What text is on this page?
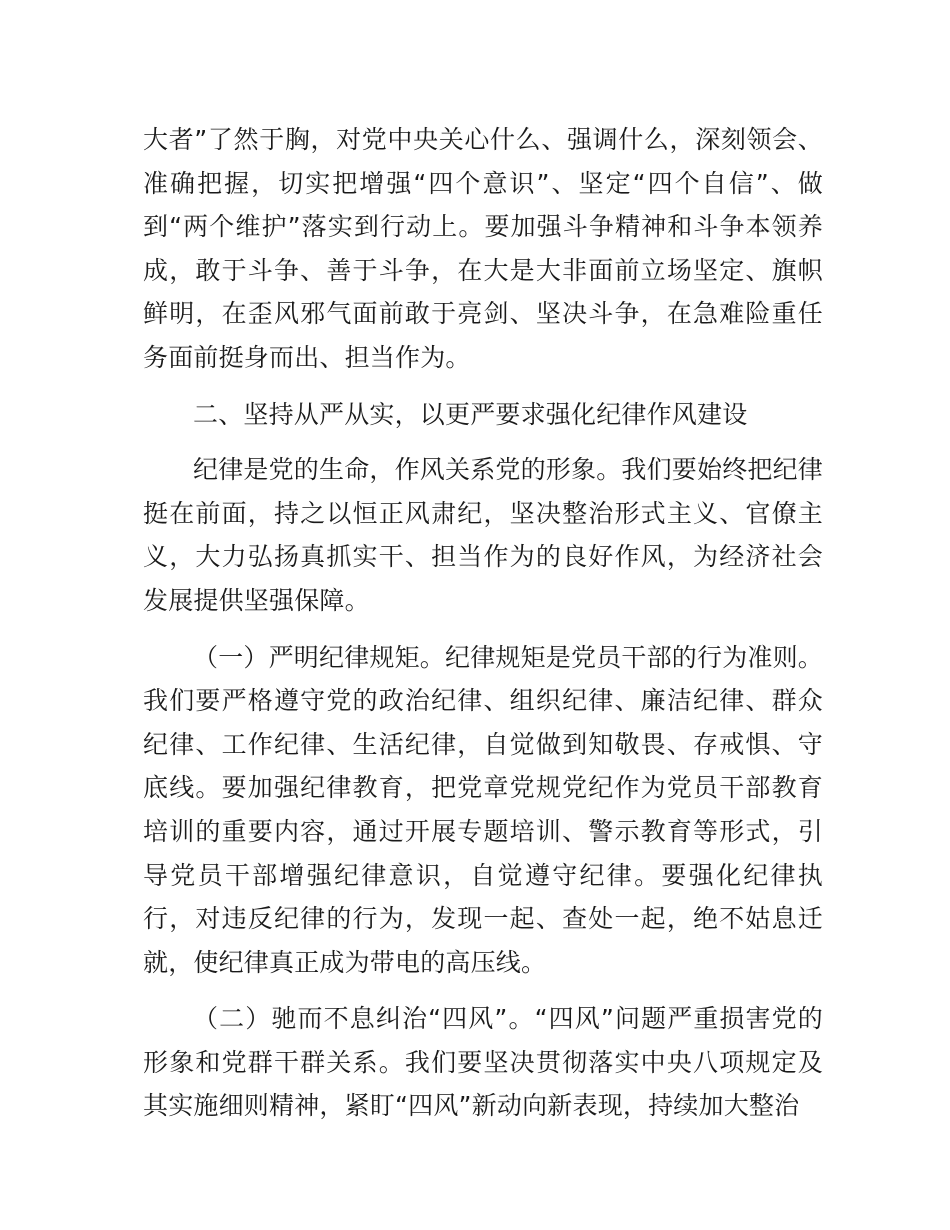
大者”了然于胸，对党中央关心什么、强调什么，深刻领会、准确把握，切实把增强“四个意识”、坚定“四个自信”、做到“两个维护”落实到行动上。要加强斗争精神和斗争本领养成，敢于斗争、善于斗争，在大是大非面前立场坚定、旗帜鲜明，在歪风邪气面前敢于亮剑、坚决斗争，在急难险重任务面前挺身而出、担当作为。

二、坚持从严从实，以更严要求强化纪律作风建设

纪律是党的生命，作风关系党的形象。我们要始终把纪律挺在前面，持之以恒正风肃纪，坚决整治形式主义、官僚主义，大力弘扬真抓实干、担当作为的良好作风，为经济社会发展提供坚强保障。

（一）严明纪律规矩。纪律规矩是党员干部的行为准则。我们要严格遵守党的政治纪律、组织纪律、廉洁纪律、群众纪律、工作纪律、生活纪律，自觉做到知敬畏、存戒惧、守底线。要加强纪律教育，把党章党规党纪作为党员干部教育培训的重要内容，通过开展专题培训、警示教育等形式，引导党员干部增强纪律意识，自觉遵守纪律。要强化纪律执行，对违反纪律的行为，发现一起、查处一起，绝不姑息迁就，使纪律真正成为带电的高压线。

（二）驰而不息纠治“四风”。“四风”问题严重损害党的形象和党群干群关系。我们要坚决贯彻落实中央八项规定及其实施细则精神，紧盯“四风”新动向新表现，持续加大整治
